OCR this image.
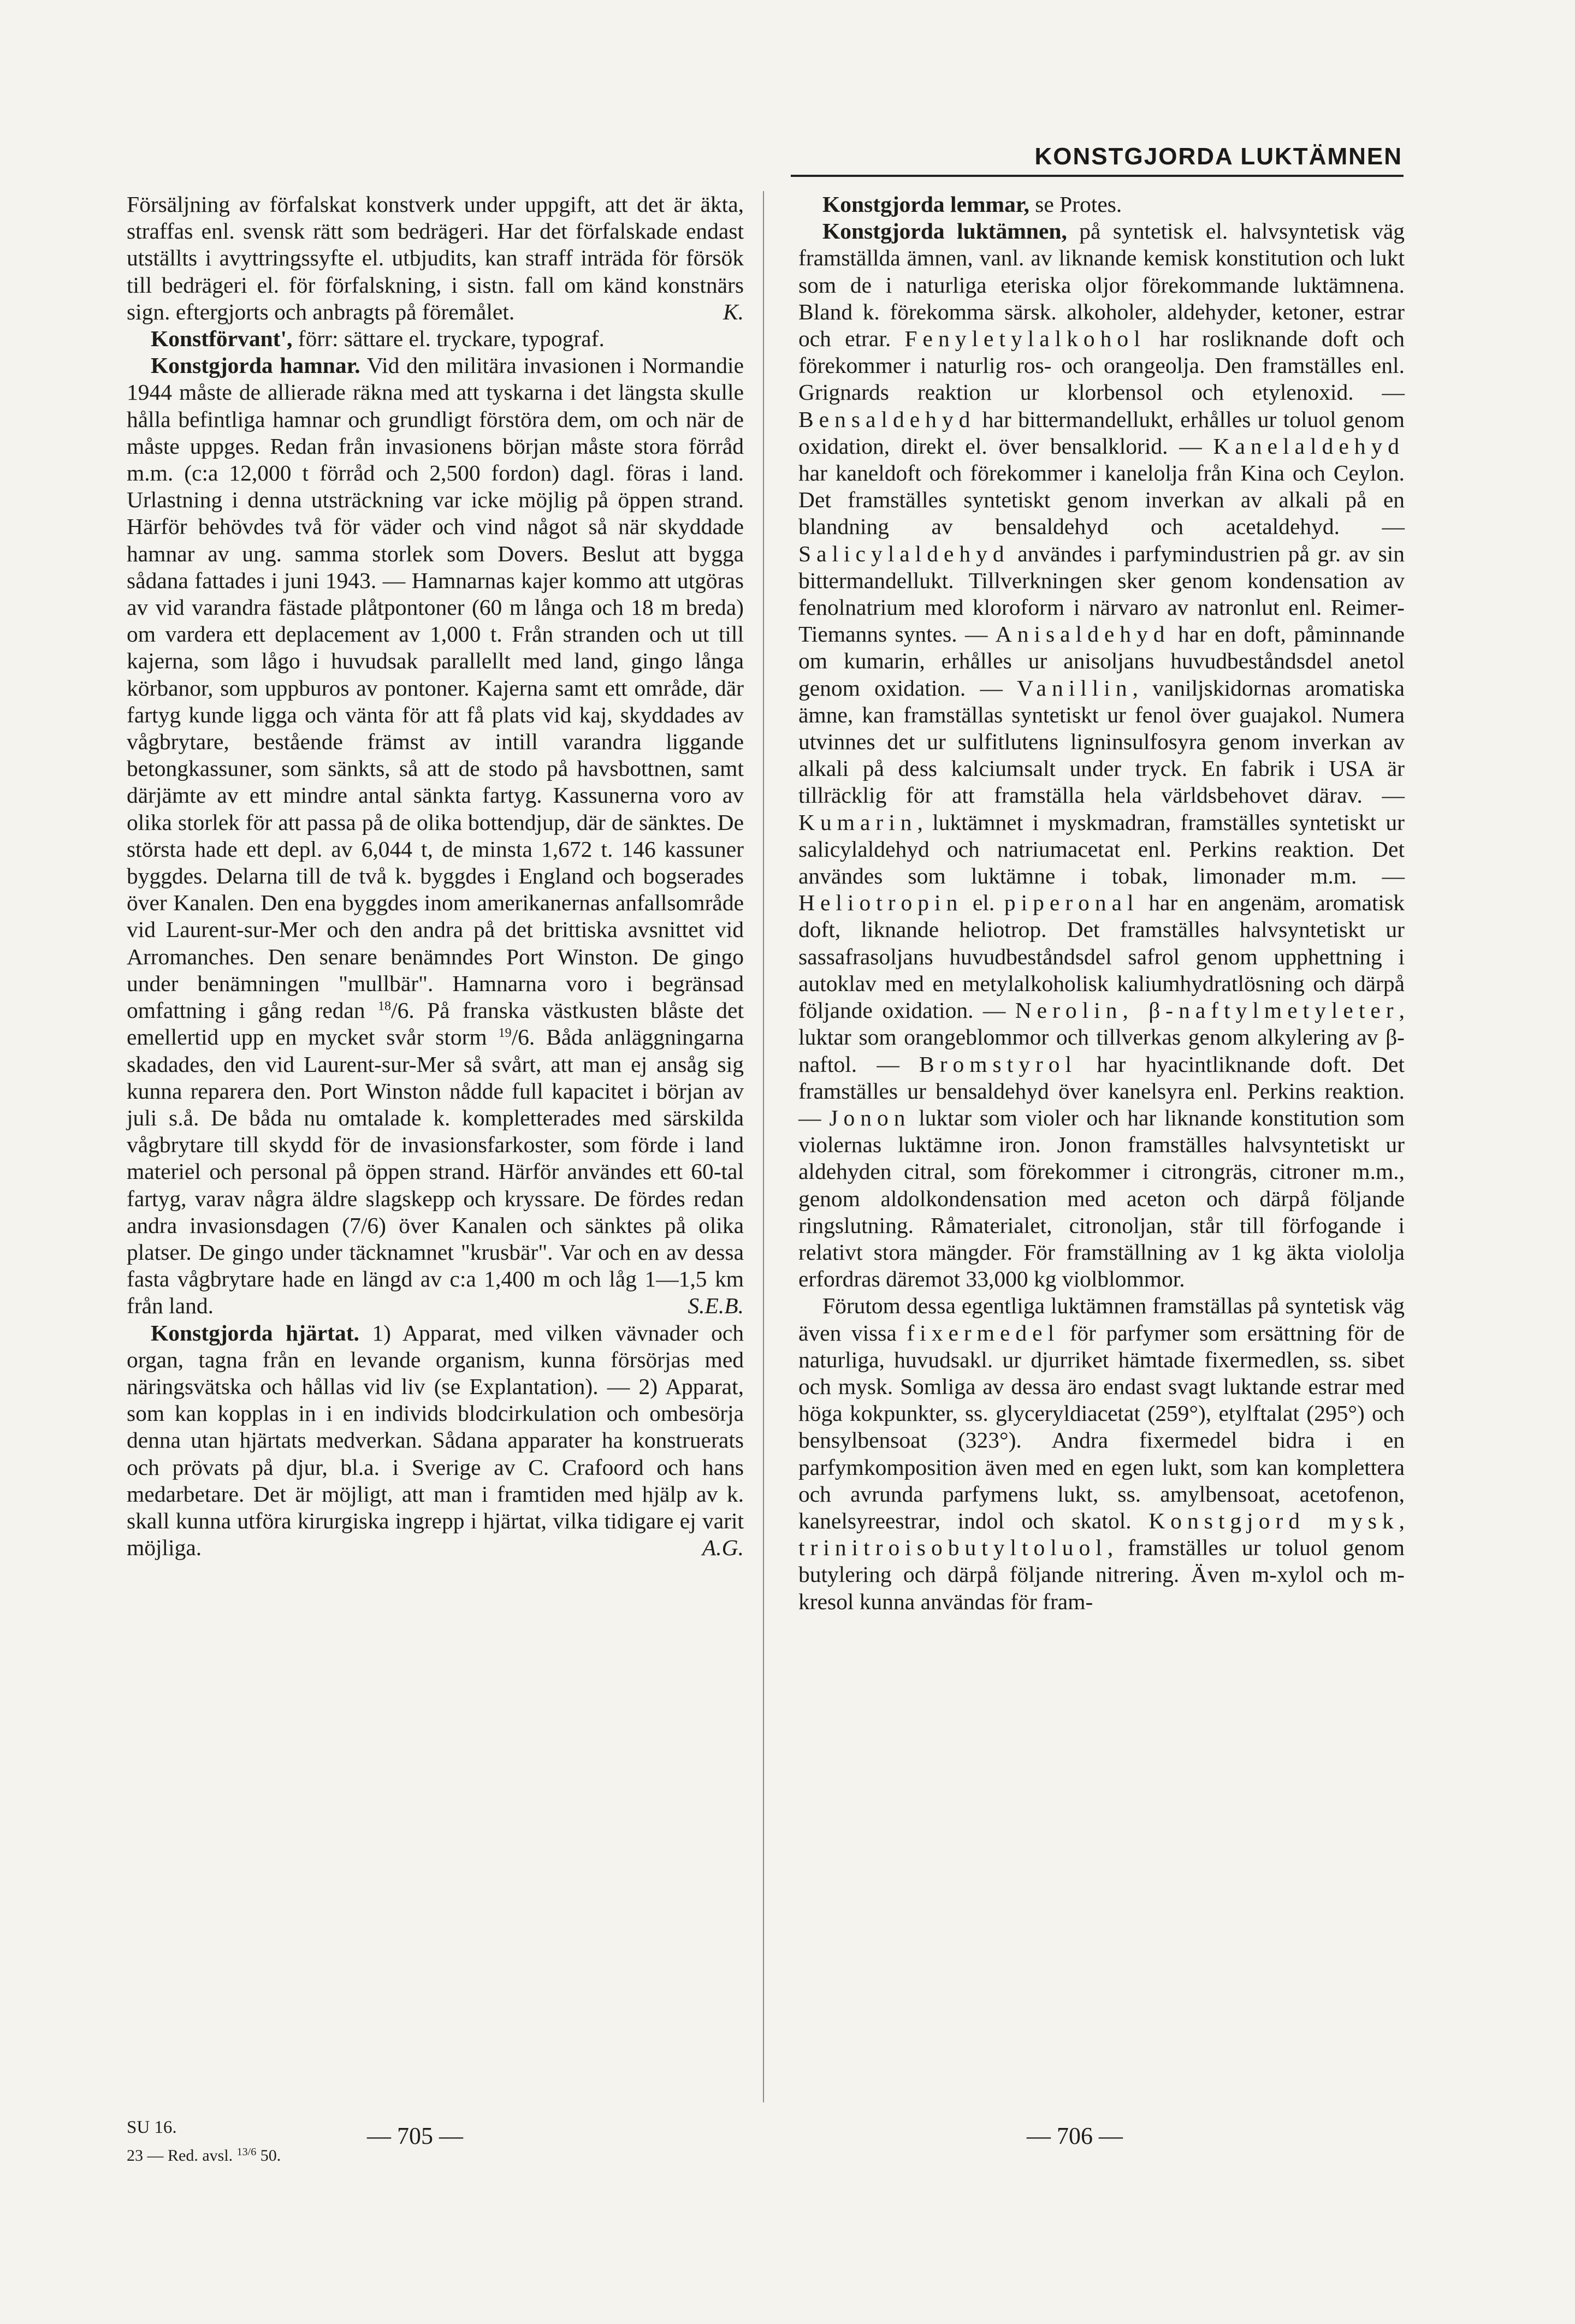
KONSTGJORDA LUKTÄMNEN

Försäljning av förfalskat konstverk under uppgift, att det är äkta, straffas enl. svensk rätt som bedrägeri. Har det förfalskade endast utställts i avyttringssyfte el. utbjudits, kan straff inträda för försök till bedrägeri el. för förfalskning, i sistn. fall om känd konstnärs sign. eftergjorts och anbragts på föremålet.	K.

Konstförvant', förr: sättare el. tryckare, typograf.

Konstgjorda hamnar. Vid den militära invasionen i Normandie 1944 måste de allierade räkna med att tyskarna i det längsta skulle hålla befintliga hamnar och grundligt förstöra dem, om och när de måste uppges. Redan från invasionens början måste stora förråd m.m. (c:a 12,000 t förråd och 2,500 fordon) dagl. föras i land. Urlastning i denna utsträckning var icke möjlig på öppen strand. Härför behövdes två för väder och vind något så när skyddade hamnar av ung. samma storlek som Dovers. Beslut att bygga sådana fattades i juni 1943. — Hamnarnas kajer kommo att utgöras av vid varandra fästade plåtpontoner (60 m långa och 18 m breda) om vardera ett deplacement av 1,000 t. Från stranden och ut till kajerna, som lågo i huvudsak parallellt med land, gingo långa körbanor, som uppburos av pontoner. Kajerna samt ett område, där fartyg kunde ligga och vänta för att få plats vid kaj, skyddades av vågbrytare, bestående främst av intill varandra liggande betongkassuner, som sänkts, så att de stodo på havsbottnen, samt därjämte av ett mindre antal sänkta fartyg. Kassunerna voro av olika storlek för att passa på de olika bottendjup, där de sänktes. De största hade ett depl. av 6,044 t, de minsta 1,672 t. 146 kassuner byggdes. Delarna till de två k. byggdes i England och bogserades över Kanalen. Den ena byggdes inom amerikanernas anfallsområde vid Laurent-sur-Mer och den andra på det brittiska avsnittet vid Arromanches. Den senare benämndes Port Winston. De gingo under benämningen "mullbär". Hamnarna voro i begränsad omfattning i gång redan $^{18}$/6. På franska västkusten blåste det emellertid upp en mycket svår storm $^{19}$/6. Båda anläggningarna skadades, den vid Laurent-sur-Mer så svårt, att man ej ansåg sig kunna reparera den. Port Winston nådde full kapacitet i början av juli s.å. De båda nu omtalade k. kompletterades med särskilda vågbrytare till skydd för de invasionsfarkoster, som förde i land materiel och personal på öppen strand. Härför användes ett 60-tal fartyg, varav några äldre slagskepp och kryssare. De fördes redan andra invasionsdagen (7/6) över Kanalen och sänktes på olika platser. De gingo under täcknamnet "krusbär". Var och en av dessa fasta vågbrytare hade en längd av c:a 1,400 m och låg 1—1,5 km från land.	S.E.B.

Konstgjorda hjärtat. 1) Apparat, med vilken vävnader och organ, tagna från en levande organism, kunna försörjas med näringsvätska och hållas vid liv (se Explantation). — 2) Apparat, som kan kopplas in i en individs blodcirkulation och ombesörja denna utan hjärtats medverkan. Sådana apparater ha konstruerats och prövats på djur, bl.a. i Sverige av C. Crafoord och hans medarbetare. Det är möjligt, att man i framtiden med hjälp av k. skall kunna utföra kirurgiska ingrepp i hjärtat, vilka tidigare ej varit möjliga.	A.G.

Konstgjorda lemmar, se Protes.

Konstgjorda luktämnen, på syntetisk el. halvsyntetisk väg framställda ämnen, vanl. av liknande kemisk konstitution och lukt som de i naturliga eteriska oljor förekommande luktämnena. Bland k. förekomma särsk. alkoholer, aldehyder, ketoner, estrar och etrar. Fenyletylalkohol har rosliknande doft och förekommer i naturlig ros- och orangeolja. Den framställes enl. Grignards reaktion ur klorbensol och etylenoxid. — Bensaldehyd har bittermandellukt, erhålles ur toluol genom oxidation, direkt el. över bensalklorid. — Kanelaldehyd har kaneldoft och förekommer i kanelolja från Kina och Ceylon. Det framställes syntetiskt genom inverkan av alkali på en blandning av bensaldehyd och acetaldehyd. — Salicylaldehyd användes i parfymindustrien på gr. av sin bittermandellukt. Tillverkningen sker genom kondensation av fenolnatrium med kloroform i närvaro av natronlut enl. Reimer-Tiemanns syntes. — Anisaldehyd har en doft, påminnande om kumarin, erhålles ur anisoljans huvudbeståndsdel anetol genom oxidation. — Vanillin, vaniljskidornas aromatiska ämne, kan framställas syntetiskt ur fenol över guajakol. Numera utvinnes det ur sulfitlutens ligninsulfosyra genom inverkan av alkali på dess kalciumsalt under tryck. En fabrik i USA är tillräcklig för att framställa hela världsbehovet därav. — Kumarin, luktämnet i myskmadran, framställes syntetiskt ur salicylaldehyd och natriumacetat enl. Perkins reaktion. Det användes som luktämne i tobak, limonader m.m. — Heliotropin el. piperonal har en angenäm, aromatisk doft, liknande heliotrop. Det framställes halvsyntetiskt ur sassafrasoljans huvudbeståndsdel safrol genom upphettning i autoklav med en metylalkoholisk kaliumhydratlösning och därpå följande oxidation. — Nerolin, β-naftylmetyleter, luktar som orangeblommor och tillverkas genom alkylering av β-naftol. — Bromstyrol har hyacintliknande doft. Det framställes ur bensaldehyd över kanelsyra enl. Perkins reaktion. — Jonon luktar som violer och har liknande konstitution som violernas luktämne iron. Jonon framställes halvsyntetiskt ur aldehyden citral, som förekommer i citrongräs, citroner m.m., genom aldolkondensation med aceton och därpå följande ringslutning. Råmaterialet, citronoljan, står till förfogande i relativt stora mängder. För framställning av 1 kg äkta viololja erfordras däremot 33,000 kg violblommor.

Förutom dessa egentliga luktämnen framställas på syntetisk väg även vissa fixermedel för parfymer som ersättning för de naturliga, huvudsakl. ur djurriket hämtade fixermedlen, ss. sibet och mysk. Somliga av dessa äro endast svagt luktande estrar med höga kokpunkter, ss. glyceryldiacetat (259°), etylftalat (295°) och bensylbensoat (323°). Andra fixermedel bidra i en parfymkomposition även med en egen lukt, som kan komplettera och avrunda parfymens lukt, ss. amylbensoat, acetofenon, kanelsyreestrar, indol och skatol. Konstgjord mysk, trinitroisobutyltoluol, framställes ur toluol genom butylering och därpå följande nitrering. Även m-xylol och m-kresol kunna användas för fram-

SU 16.
23 — Red. avsl. $^{13/6}$ 50.
— 705 —	— 706 —
